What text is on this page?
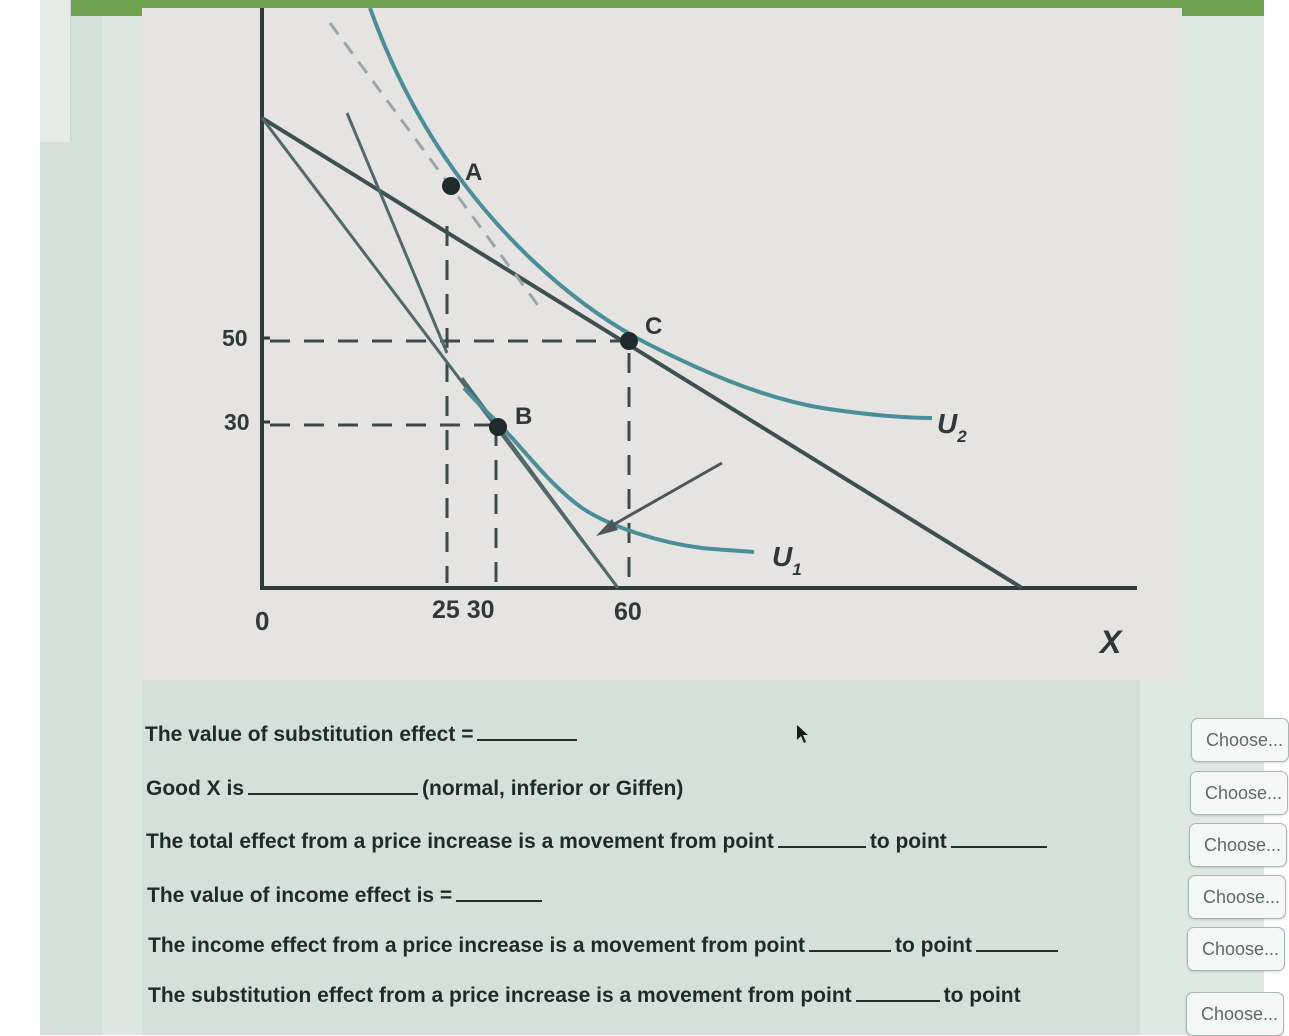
A
C
B	$U_2$
$U_1$
50
30
0	25 30	60
X
The value of substitution effect =
Good X is	(normal, inferior or Giffen)
The total effect from a price increase is a movement from point	to point
The value of income effect is =
The income effect from a price increase is a movement from point	to point
The substitution effect from a price increase is a movement from point	to point
Choose...
Choose...
Choose...
Choose...
Choose...
Choose...
